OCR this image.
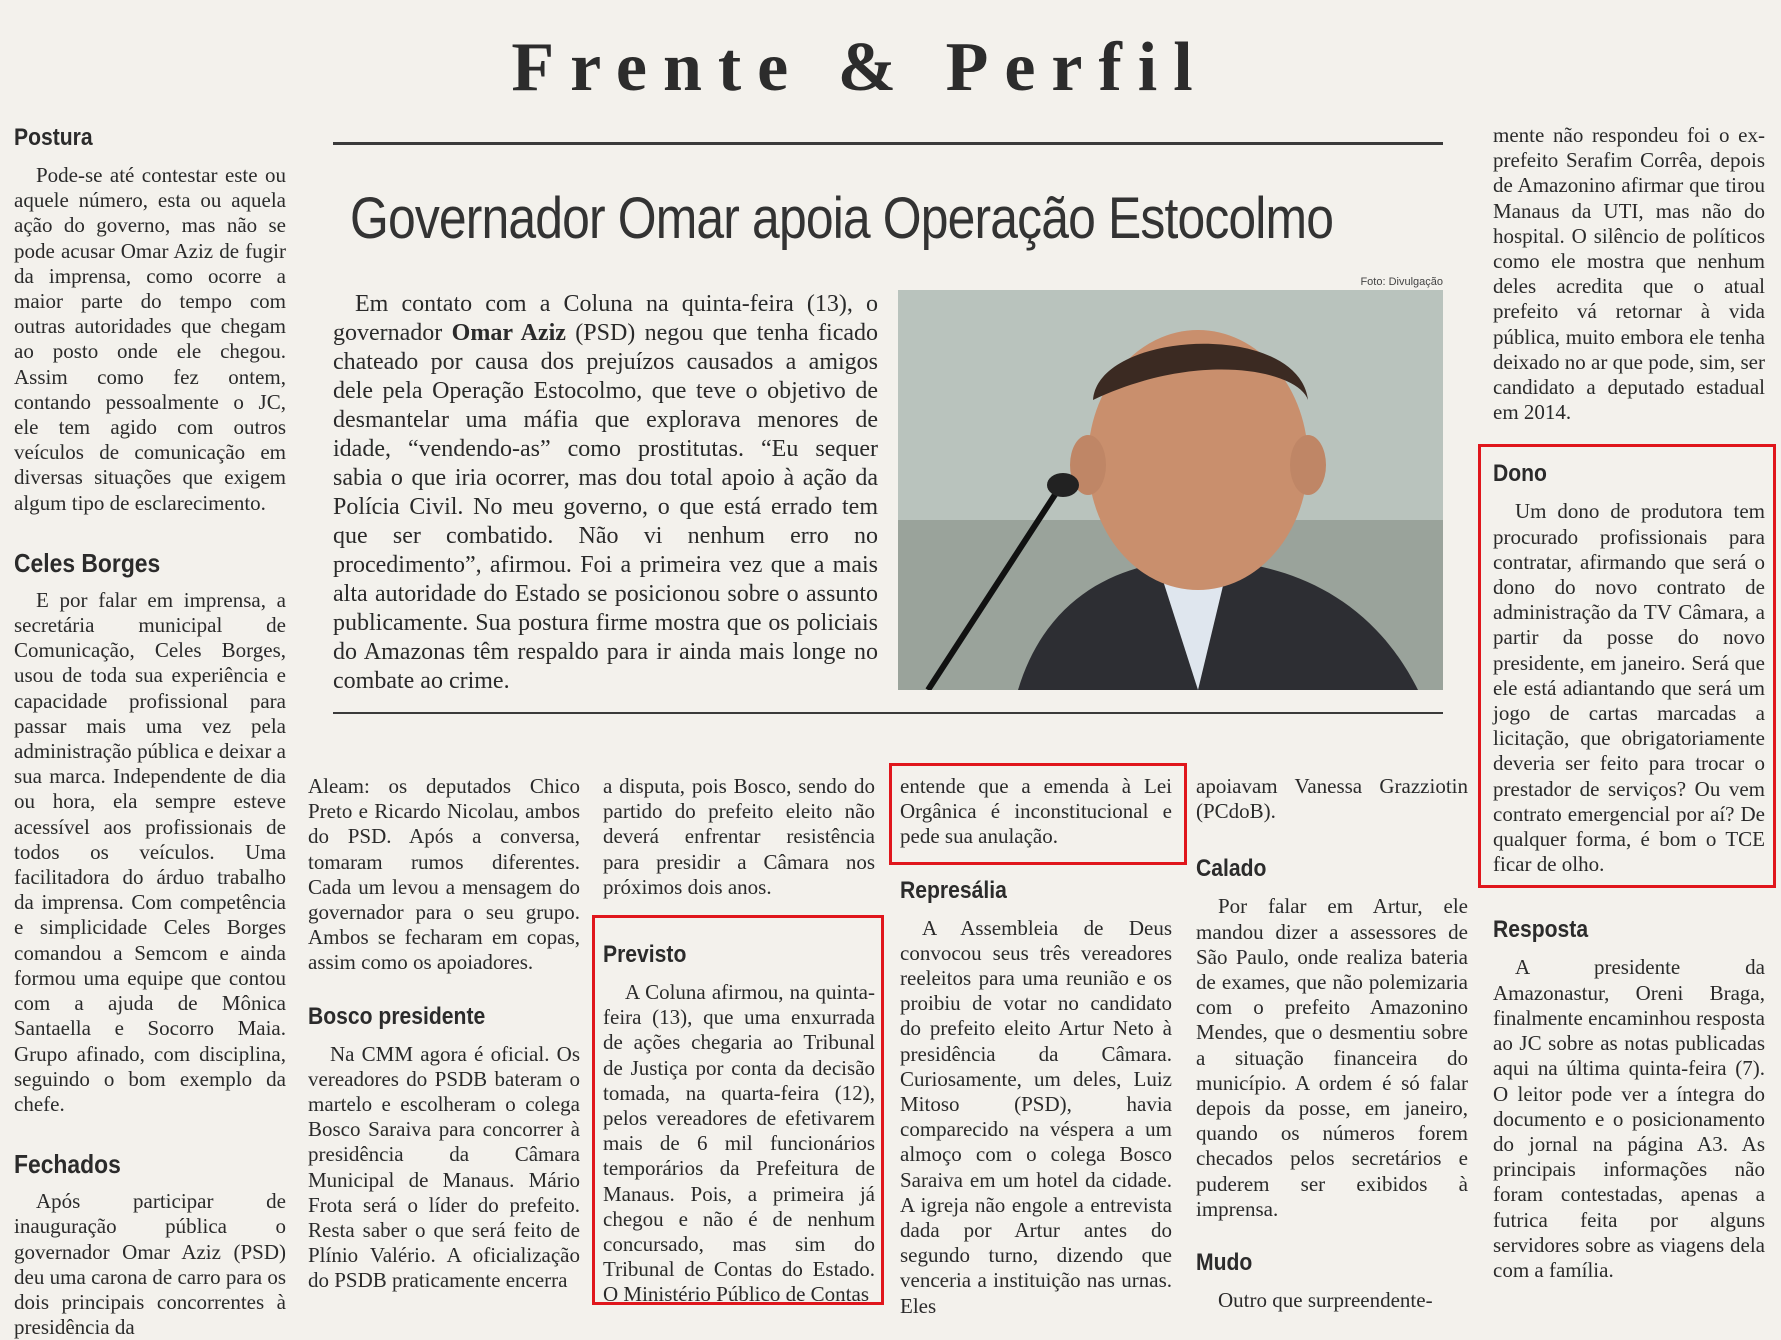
Frente & Perfil
Governador Omar apoia Operação Estocolmo
Foto: Divulgação

Em contato com a Coluna na quinta-feira (13), o governador Omar Aziz (PSD) negou que tenha ficado chateado por causa dos prejuízos causados a amigos dele pela Operação Estocolmo, que teve o objetivo de desmantelar uma máfia que explorava menores de idade, “vendendo-as” como prostitutas. “Eu sequer sabia o que iria ocorrer, mas dou total apoio à ação da Polícia Civil. No meu governo, o que está errado tem que ser combatido. Não vi nenhum erro no procedimento”, afirmou. Foi a primeira vez que a mais alta autoridade do Estado se posicionou sobre o assunto publicamente. Sua postura firme mostra que os policiais do Amazonas têm respaldo para ir ainda mais longe no combate ao crime.

Postura

Pode-se até contestar este ou aquele número, esta ou aquela ação do governo, mas não se pode acusar Omar Aziz de fugir da imprensa, como ocorre a maior parte do tempo com outras autoridades que chegam ao posto onde ele chegou. Assim como fez ontem, contando pessoalmente o JC, ele tem agido com outros veículos de comunicação em diversas situações que exigem algum tipo de esclarecimento.

Celes Borges

E por falar em imprensa, a secretária municipal de Comunicação, Celes Borges, usou de toda sua experiência e capacidade profissional para passar mais uma vez pela administração pública e deixar a sua marca. Independente de dia ou hora, ela sempre esteve acessível aos profissionais de todos os veículos. Uma facilitadora do árduo trabalho da imprensa. Com competência e simplicidade Celes Borges comandou a Semcom e ainda formou uma equipe que contou com a ajuda de Mônica Santaella e Socorro Maia. Grupo afinado, com disciplina, seguindo o bom exemplo da chefe.

Fechados

Após participar de inauguração pública o governador Omar Aziz (PSD) deu uma carona de carro para os dois principais concorrentes à presidência da

Aleam: os deputados Chico Preto e Ricardo Nicolau, ambos do PSD. Após a conversa, tomaram rumos diferentes. Cada um levou a mensagem do governador para o seu grupo. Ambos se fecharam em copas, assim como os apoiadores.

Bosco presidente

Na CMM agora é oficial. Os vereadores do PSDB bateram o martelo e escolheram o colega Bosco Saraiva para concorrer à presidência da Câmara Municipal de Manaus. Mário Frota será o líder do prefeito. Resta saber o que será feito de Plínio Valério. A oficialização do PSDB praticamente encerra

a disputa, pois Bosco, sendo do partido do prefeito eleito não deverá enfrentar resistência para presidir a Câmara nos próximos dois anos.

Previsto

A Coluna afirmou, na quinta-feira (13), que uma enxurrada de ações chegaria ao Tribunal de Justiça por conta da decisão tomada, na quarta-feira (12), pelos vereadores de efetivarem mais de 6 mil funcionários temporários da Prefeitura de Manaus. Pois, a primeira já chegou e não é de nenhum concursado, mas sim do Tribunal de Contas do Estado. O Ministério Público de Contas

entende que a emenda à Lei Orgânica é inconstitucional e pede sua anulação.

Represália

A Assembleia de Deus convocou seus três vereadores reeleitos para uma reunião e os proibiu de votar no candidato do prefeito eleito Artur Neto à presidência da Câmara. Curiosamente, um deles, Luiz Mitoso (PSD), havia comparecido na véspera a um almoço com o colega Bosco Saraiva em um hotel da cidade. A igreja não engole a entrevista dada por Artur antes do segundo turno, dizendo que venceria a instituição nas urnas. Eles

apoiavam Vanessa Grazziotin (PCdoB).

Calado

Por falar em Artur, ele mandou dizer a assessores de São Paulo, onde realiza bateria de exames, que não polemizaria com o prefeito Amazonino Mendes, que o desmentiu sobre a situação financeira do município. A ordem é só falar depois da posse, em janeiro, quando os números forem checados pelos secretários e puderem ser exibidos à imprensa.

Mudo

Outro que surpreendente-

mente não respondeu foi o ex-prefeito Serafim Corrêa, depois de Amazonino afirmar que tirou Manaus da UTI, mas não do hospital. O silêncio de políticos como ele mostra que nenhum deles acredita que o atual prefeito vá retornar à vida pública, muito embora ele tenha deixado no ar que pode, sim, ser candidato a deputado estadual em 2014.

Dono

Um dono de produtora tem procurado profissionais para contratar, afirmando que será o dono do novo contrato de administração da TV Câmara, a partir da posse do novo presidente, em janeiro. Será que ele está adiantando que será um jogo de cartas marcadas a licitação, que obrigatoriamente deveria ser feito para trocar o prestador de serviços? Ou vem contrato emergencial por aí? De qualquer forma, é bom o TCE ficar de olho.

Resposta

A presidente da Amazonastur, Oreni Braga, finalmente encaminhou resposta ao JC sobre as notas publicadas aqui na última quinta-feira (7). O leitor pode ver a íntegra do documento e o posicionamento do jornal na página A3. As principais informações não foram contestadas, apenas a futrica feita por alguns servidores sobre as viagens dela com a família.
